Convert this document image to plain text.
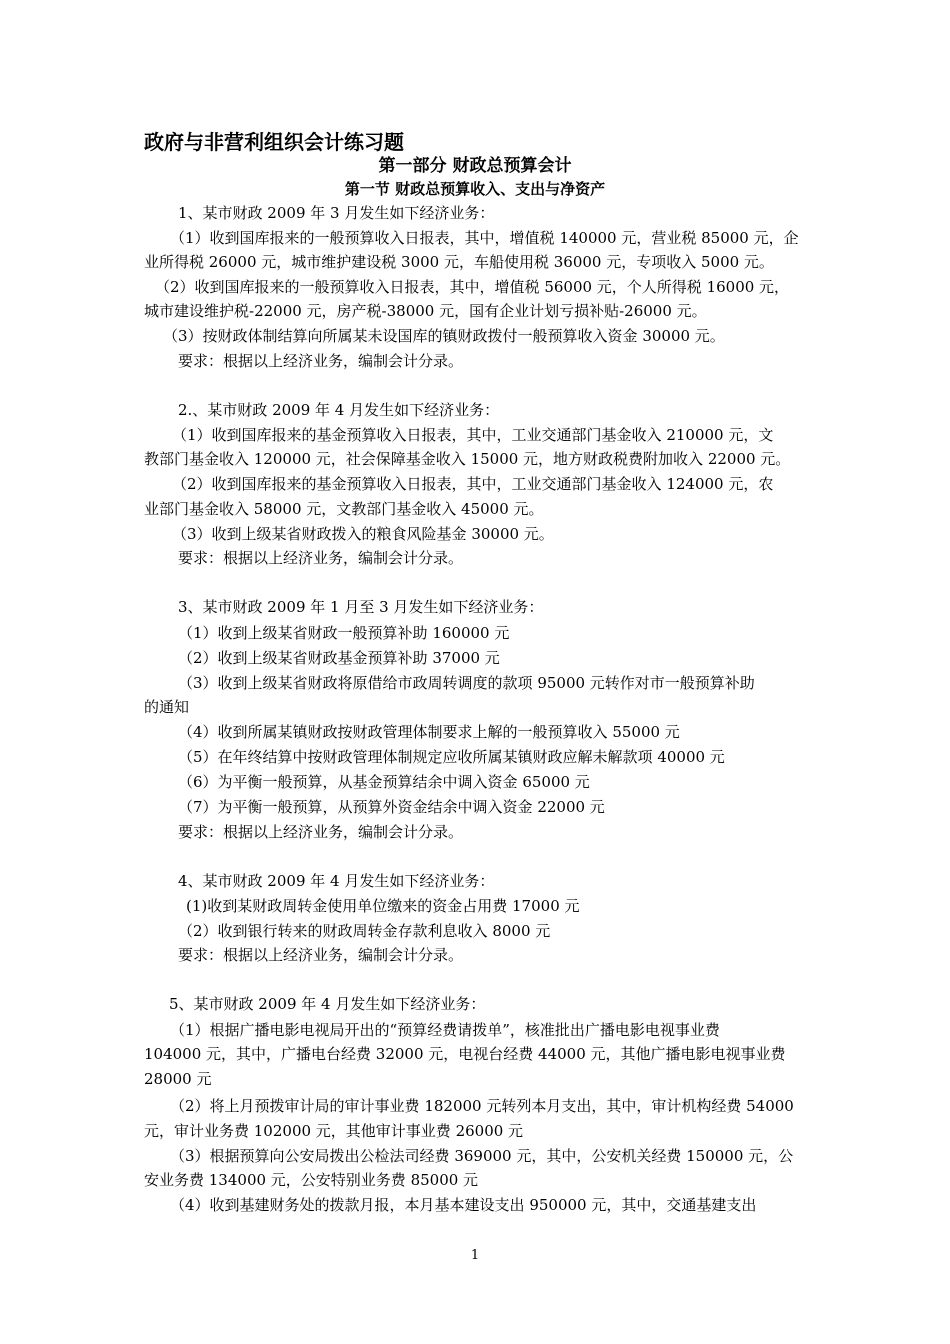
政府与非营利组织会计练习题
第一部分 财政总预算会计
第一节 财政总预算收入、支出与净资产
1、某市财政 2009 年 3 月发生如下经济业务：
（1）收到国库报来的一般预算收入日报表，其中，增值税 140000 元，营业税 85000 元，企
业所得税 26000 元，城市维护建设税 3000 元，车船使用税 36000 元，专项收入 5000 元。
（2）收到国库报来的一般预算收入日报表，其中，增值税 56000 元，个人所得税 16000 元，
城市建设维护税-22000 元，房产税-38000 元，国有企业计划亏损补贴-26000 元。
（3）按财政体制结算向所属某未设国库的镇财政拨付一般预算收入资金 30000 元。
要求：根据以上经济业务，编制会计分录。
2.、某市财政 2009 年 4 月发生如下经济业务：
（1）收到国库报来的基金预算收入日报表，其中，工业交通部门基金收入 210000 元，文
教部门基金收入 120000 元，社会保障基金收入 15000 元，地方财政税费附加收入 22000 元。
（2）收到国库报来的基金预算收入日报表，其中，工业交通部门基金收入 124000 元，农
业部门基金收入 58000 元，文教部门基金收入 45000 元。
（3）收到上级某省财政拨入的粮食风险基金 30000 元。
要求：根据以上经济业务，编制会计分录。
3、某市财政 2009 年 1 月至 3 月发生如下经济业务：
（1）收到上级某省财政一般预算补助 160000 元
（2）收到上级某省财政基金预算补助 37000 元
（3）收到上级某省财政将原借给市政周转调度的款项 95000 元转作对市一般预算补助
的通知
（4）收到所属某镇财政按财政管理体制要求上解的一般预算收入 55000 元
（5）在年终结算中按财政管理体制规定应收所属某镇财政应解未解款项 40000 元
（6）为平衡一般预算，从基金预算结余中调入资金 65000 元
（7）为平衡一般预算，从预算外资金结余中调入资金 22000 元
要求：根据以上经济业务，编制会计分录。
4、某市财政 2009 年 4 月发生如下经济业务：
(1)收到某财政周转金使用单位缴来的资金占用费 17000 元
（2）收到银行转来的财政周转金存款利息收入 8000 元
要求：根据以上经济业务，编制会计分录。
5、某市财政 2009 年 4 月发生如下经济业务：
（1）根据广播电影电视局开出的“预算经费请拨单”，核准批出广播电影电视事业费
104000 元，其中，广播电台经费 32000 元，电视台经费 44000 元，其他广播电影电视事业费
28000 元
（2）将上月预拨审计局的审计事业费 182000 元转列本月支出，其中，审计机构经费 54000
元，审计业务费 102000 元，其他审计事业费 26000 元
（3）根据预算向公安局拨出公检法司经费 369000 元，其中，公安机关经费 150000 元，公
安业务费 134000 元，公安特别业务费 85000 元
（4）收到基建财务处的拨款月报，本月基本建设支出 950000 元，其中，交通基建支出
1
